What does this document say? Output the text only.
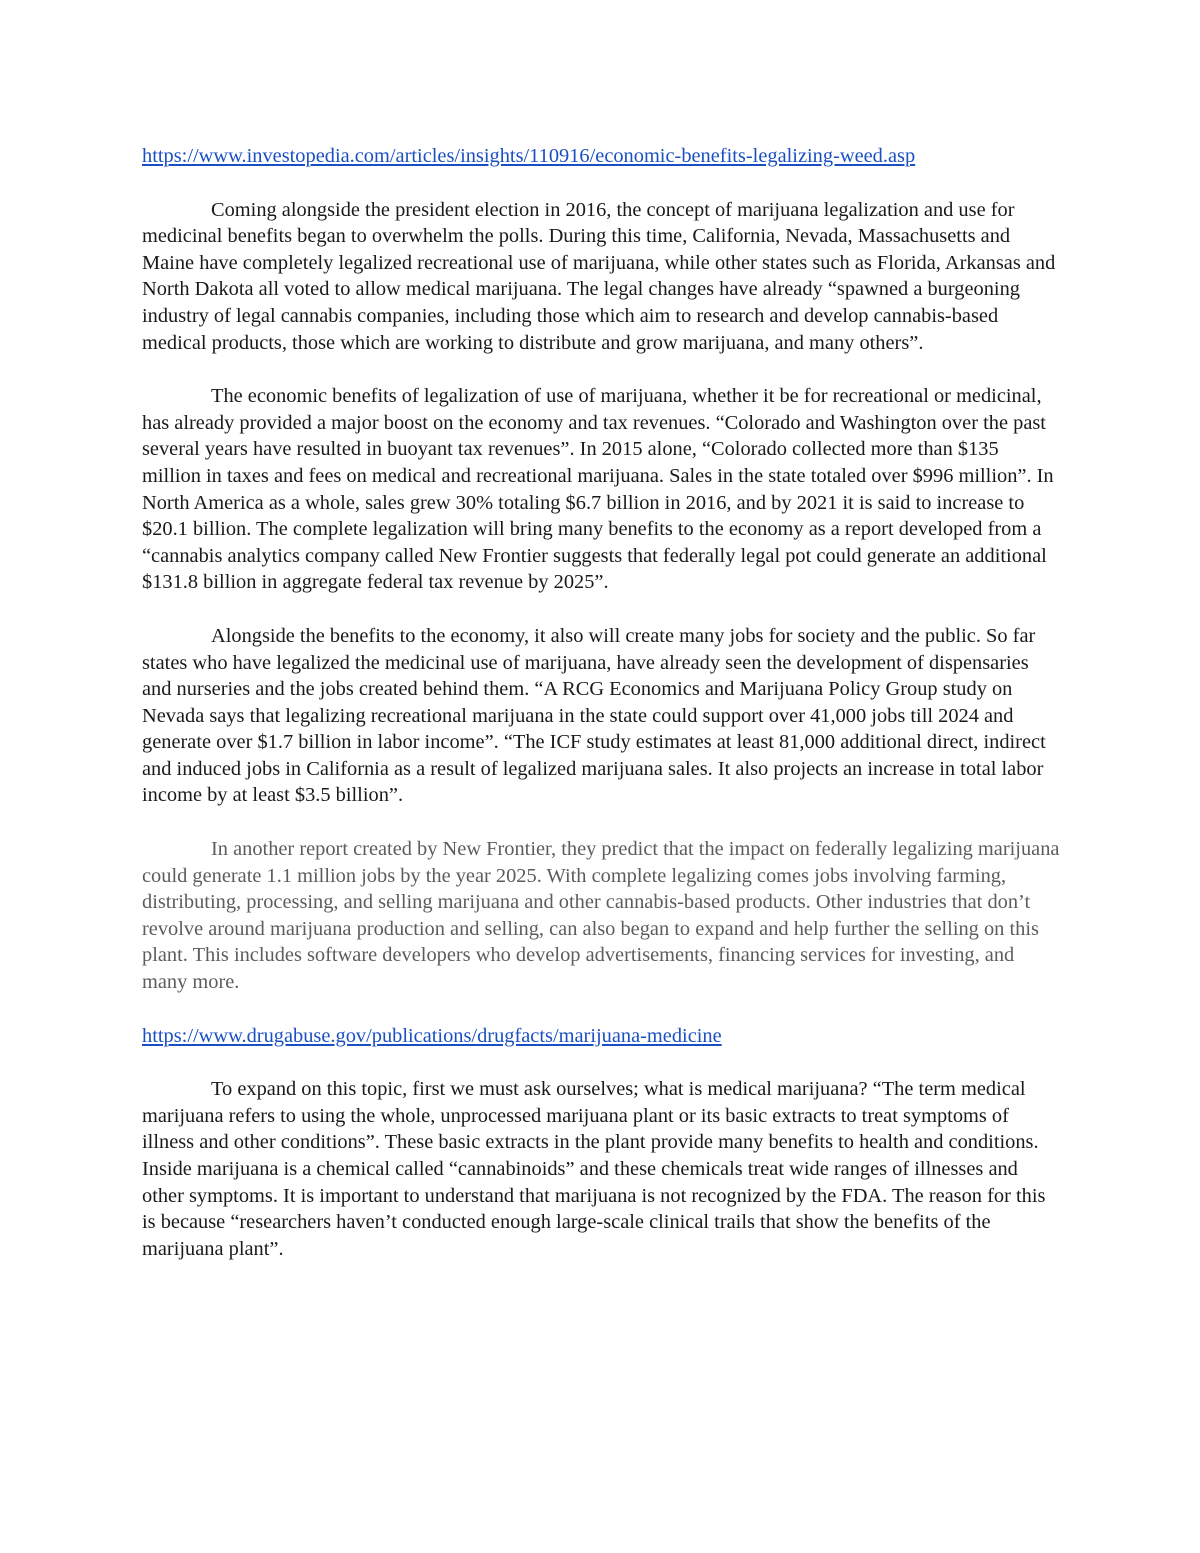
https://www.investopedia.com/articles/insights/110916/economic-benefits-legalizing-weed.asp

Coming alongside the president election in 2016, the concept of marijuana legalization and use for medicinal benefits began to overwhelm the polls. During this time, California, Nevada, Massachusetts and Maine have completely legalized recreational use of marijuana, while other states such as Florida, Arkansas and North Dakota all voted to allow medical marijuana. The legal changes have already “spawned a burgeoning industry of legal cannabis companies, including those which aim to research and develop cannabis-based medical products, those which are working to distribute and grow marijuana, and many others”.

The economic benefits of legalization of use of marijuana, whether it be for recreational or medicinal, has already provided a major boost on the economy and tax revenues. “Colorado and Washington over the past several years have resulted in buoyant tax revenues”. In 2015 alone, “Colorado collected more than $135 million in taxes and fees on medical and recreational marijuana. Sales in the state totaled over $996 million”. In North America as a whole, sales grew 30% totaling $6.7 billion in 2016, and by 2021 it is said to increase to $20.1 billion. The complete legalization will bring many benefits to the economy as a report developed from a “cannabis analytics company called New Frontier suggests that federally legal pot could generate an additional $131.8 billion in aggregate federal tax revenue by 2025”.

Alongside the benefits to the economy, it also will create many jobs for society and the public. So far states who have legalized the medicinal use of marijuana, have already seen the development of dispensaries and nurseries and the jobs created behind them. “A RCG Economics and Marijuana Policy Group study on Nevada says that legalizing recreational marijuana in the state could support over 41,000 jobs till 2024 and generate over $1.7 billion in labor income”. “The ICF study estimates at least 81,000 additional direct, indirect and induced jobs in California as a result of legalized marijuana sales. It also projects an increase in total labor income by at least $3.5 billion”.

In another report created by New Frontier, they predict that the impact on federally legalizing marijuana could generate 1.1 million jobs by the year 2025. With complete legalizing comes jobs involving farming, distributing, processing, and selling marijuana and other cannabis-based products. Other industries that don’t revolve around marijuana production and selling, can also began to expand and help further the selling on this plant. This includes software developers who develop advertisements, financing services for investing, and many more.

https://www.drugabuse.gov/publications/drugfacts/marijuana-medicine

To expand on this topic, first we must ask ourselves; what is medical marijuana? “The term medical marijuana refers to using the whole, unprocessed marijuana plant or its basic extracts to treat symptoms of illness and other conditions”. These basic extracts in the plant provide many benefits to health and conditions. Inside marijuana is a chemical called “cannabinoids” and these chemicals treat wide ranges of illnesses and other symptoms. It is important to understand that marijuana is not recognized by the FDA. The reason for this is because “researchers haven’t conducted enough large-scale clinical trails that show the benefits of the marijuana plant”.
